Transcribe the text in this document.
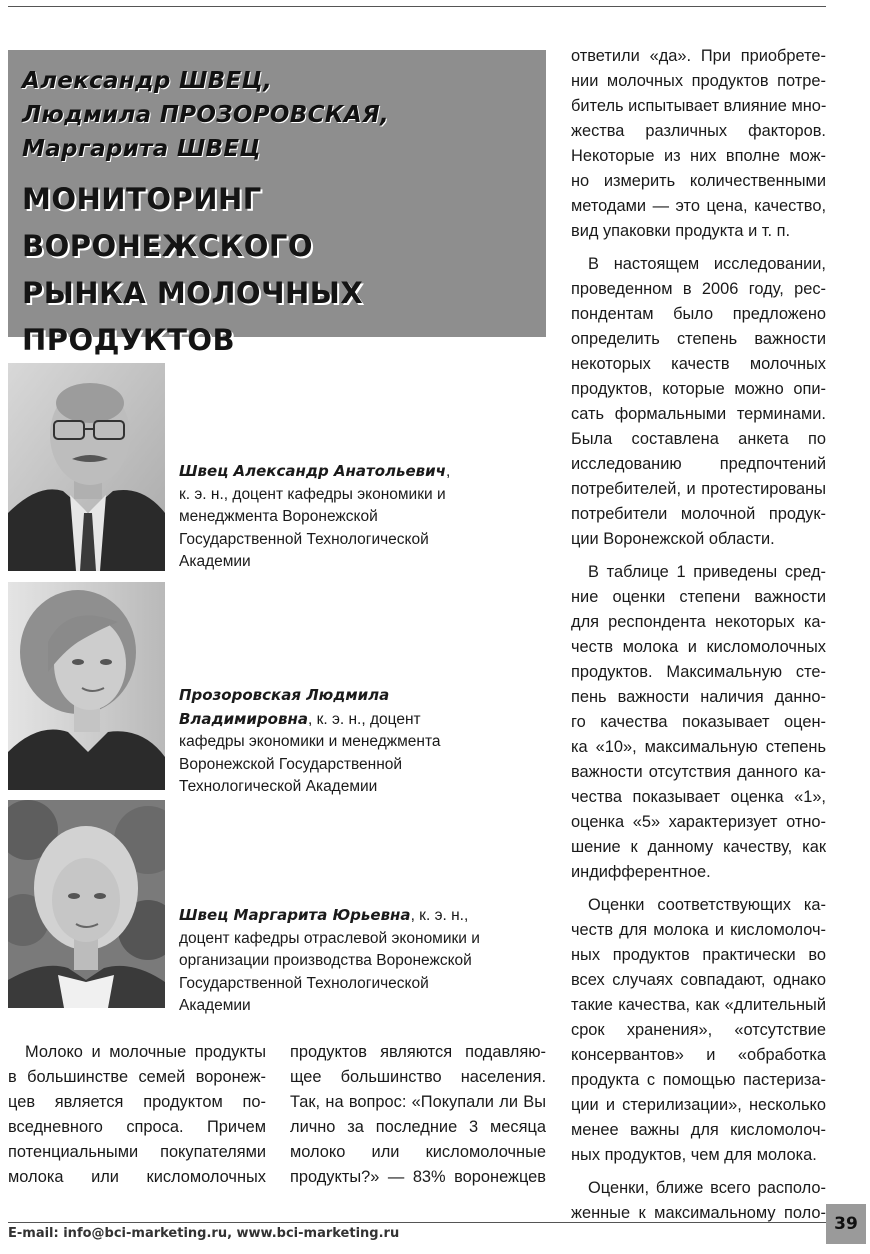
Александр ШВЕЦ,
Людмила ПРОЗОРОВСКАЯ,
Маргарита ШВЕЦ
МОНИТОРИНГ ВОРОНЕЖСКОГО
РЫНКА МОЛОЧНЫХ
ПРОДУКТОВ
Швец Александр Анатольевич,
к. э. н., доцент кафедры экономики и
менеджмента Воронежской
Государственной Технологической
Академии
Прозоровская Людмила
Владимировна, к. э. н., доцент
кафедры экономики и менеджмента
Воронежской Государственной
Технологической Академии
Швец Маргарита Юрьевна, к. э. н.,
доцент кафедры отраслевой экономики и
организации производства Воронежской
Государственной Технологической
Академии
Молоко и молочные продукты
в большинстве семей воронеж-
цев является продуктом по-
вседневного спроса. Причем
потенциальными покупателями
молока или кисломолочных
продуктов являются подавляю-
щее большинство населения.
Так, на вопрос: «Покупали ли Вы
лично за последние 3 месяца
молоко или кисломолочные
продукты?» — 83% воронежцев
ответили «да». При приобрете-
нии молочных продуктов потре-
битель испытывает влияние мно-
жества различных факторов.
Некоторые из них вполне мож-
но измерить количественными
методами — это цена, качество,
вид упаковки продукта и т. п.
В настоящем исследовании,
проведенном в 2006 году, рес-
пондентам было предложено
определить степень важности
некоторых качеств молочных
продуктов, которые можно опи-
сать формальными терминами.
Была составлена анкета по
исследованию предпочтений
потребителей, и протестированы
потребители молочной продук-
ции Воронежской области.
В таблице 1 приведены сред-
ние оценки степени важности
для респондента некоторых ка-
честв молока и кисломолочных
продуктов. Максимальную сте-
пень важности наличия данно-
го качества показывает оцен-
ка «10», максимальную степень
важности отсутствия данного ка-
чества показывает оценка «1»,
оценка «5» характеризует отно-
шение к данному качеству, как
индифферентное.
Оценки соответствующих ка-
честв для молока и кисломолоч-
ных продуктов практически во
всех случаях совпадают, однако
такие качества, как «длительный
срок хранения», «отсутствие
консервантов» и «обработка
продукта с помощью пастериза-
ции и стерилизации», несколько
менее важны для кисломолоч-
ных продуктов, чем для молока.
Оценки, ближе всего располо-
женные к максимальному поло-
E-mail: info@bci-marketing.ru, www.bci-marketing.ru	39
